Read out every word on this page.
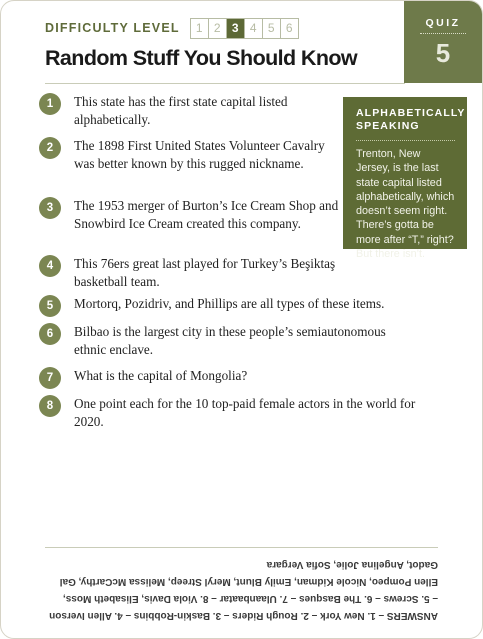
DIFFICULTY LEVEL	1 2 3 4 5 6	QUIZ
5
Random Stuff You Should Know
1	This state has the first state capital listed alphabetically.
2	The 1898 First United States Volunteer Cavalry was better known by this rugged nickname.
3	The 1953 merger of Burton’s Ice Cream Shop and Snowbird Ice Cream created this company.
4	This 76ers great last played for Turkey’s Beşiktaş basketball team.
5	Mortorq, Pozidriv, and Phillips are all types of these items.
6	Bilbao is the largest city in these people’s semiautonomous ethnic enclave.
7	What is the capital of Mongolia?
8	One point each for the 10 top-paid female actors in the world for 2020.
ALPHABETICALLY SPEAKING
Trenton, New Jersey, is the last state capital listed alphabetically, which doesn’t seem right. There’s gotta be more after “T,” right? But there isn’t.
ANSWERS – 1. New York – 2. Rough Riders – 3. Baskin-Robbins – 4. Allen Iverson – 5. Screws – 6. The Basques – 7. Ulaanbaatar – 8. Viola Davis, Elisabeth Moss, Ellen Pompeo, Nicole Kidman, Emily Blunt, Meryl Streep, Melissa McCarthy, Gal Gadot, Angelina Jolie, Sofia Vergara
